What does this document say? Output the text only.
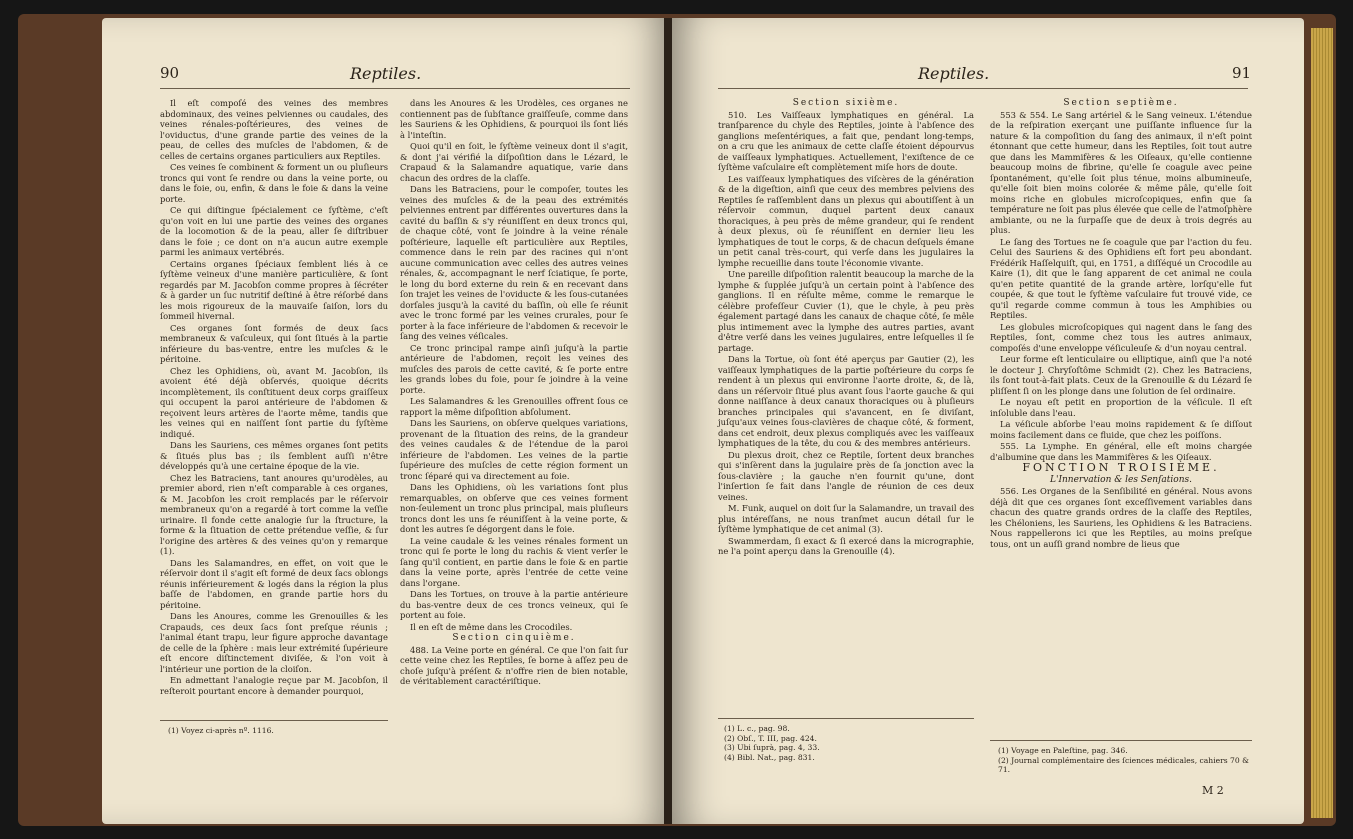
90	Reptiles.

Il eſt compoſé des veines des membres abdominaux, des veines pelviennes ou caudales, des veines rénales-poſtérieures, des veines de l'oviductus, d'une grande partie des veines de la peau, de celles des muſcles de l'abdomen, & de celles de certains organes particuliers aux Reptiles.

Ces veines ſe combinent & forment un ou pluſieurs troncs qui vont ſe rendre ou dans la veine porte, ou dans le foie, ou, enfin, & dans le foie & dans la veine porte.

Ce qui diſtingue ſpécialement ce ſyſtème, c'eſt qu'on voit en lui une partie des veines des organes de la locomotion & de la peau, aller ſe diſtribuer dans le foie ; ce dont on n'a aucun autre exemple parmi les animaux vertébrés.

Certains organes ſpéciaux ſemblent liés à ce ſyſtème veineux d'une manière particulière, & ſont regardés par M. Jacobſon comme propres à ſécréter & à garder un ſuc nutritif deſtiné à être réſorbé dans les mois rigoureux de la mauvaiſe ſaiſon, lors du ſommeil hivernal.

Ces organes ſont formés de deux ſacs membraneux & vaſculeux, qui ſont ſitués à la partie inférieure du bas-ventre, entre les muſcles & le péritoine.

Chez les Ophidiens, où, avant M. Jacobſon, ils avoient été déjà obſervés, quoique décrits incomplètement, ils conſtituent deux corps graiſſeux qui occupent la paroi antérieure de l'abdomen & reçoivent leurs artères de l'aorte même, tandis que les veines qui en naiſſent ſont partie du ſyſtème indiqué.

Dans les Sauriens, ces mêmes organes ſont petits & ſitués plus bas ; ils ſemblent auſſi n'être développés qu'à une certaine époque de la vie.

Chez les Batraciens, tant anoures qu'urodèles, au premier abord, rien n'eſt comparable à ces organes, & M. Jacobſon les croit remplacés par le réſervoir membraneux qu'on a regardé à tort comme la veſſie urinaire. Il fonde cette analogie ſur la ſtructure, la forme & la ſituation de cette prétendue veſſie, & ſur l'origine des artères & des veines qu'on y remarque (1).

Dans les Salamandres, en effet, on voit que le réſervoir dont il s'agit eſt formé de deux ſacs oblongs réunis inférieurement & logés dans la région la plus baſſe de l'abdomen, en grande partie hors du péritoine.

Dans les Anoures, comme les Grenouilles & les Crapauds, ces deux ſacs ſont preſque réunis ; l'animal étant trapu, leur figure approche davantage de celle de la ſphère : mais leur extrémité ſupérieure eſt encore diſtinctement diviſée, & l'on voit à l'intérieur une portion de la cloiſon.

En admettant l'analogie reçue par M. Jacobſon, il reſteroit pourtant encore à demander pourquoi,

(1) Voyez ci-après nº. 1116.

dans les Anoures & les Urodèles, ces organes ne contiennent pas de ſubſtance graiſſeuſe, comme dans les Sauriens & les Ophidiens, & pourquoi ils ſont liés à l'inteſtin.

Quoi qu'il en ſoit, le ſyſtème veineux dont il s'agit, & dont j'ai vérifié la diſpoſition dans le Lézard, le Crapaud & la Salamandre aquatique, varie dans chacun des ordres de la claſſe.

Dans les Batraciens, pour le compoſer, toutes les veines des muſcles & de la peau des extrémités pelviennes entrent par différentes ouvertures dans la cavité du baſſin & s'y réuniſſent en deux troncs qui, de chaque côté, vont ſe joindre à la veine rénale poſtérieure, laquelle eſt particulière aux Reptiles, commence dans le rein par des racines qui n'ont aucune communication avec celles des autres veines rénales, &, accompagnant le nerf ſciatique, ſe porte, le long du bord externe du rein & en recevant dans ſon trajet les veines de l'oviducte & les ſous-cutanées dorſales jusqu'à la cavité du baſſin, où elle ſe réunit avec le tronc formé par les veines crurales, pour ſe porter à la face inférieure de l'abdomen & recevoir le ſang des veines véſicales.

Ce tronc principal rampe ainſi juſqu'à la partie antérieure de l'abdomen, reçoit les veines des muſcles des parois de cette cavité, & ſe porte entre les grands lobes du foie, pour ſe joindre à la veine porte.

Les Salamandres & les Grenouilles offrent ſous ce rapport la même diſpoſition abſolument.

Dans les Sauriens, on obſerve quelques variations, provenant de la ſituation des reins, de la grandeur des veines caudales & de l'étendue de la paroi inférieure de l'abdomen. Les veines de la partie ſupérieure des muſcles de cette région forment un tronc ſéparé qui va directement au foie.

Dans les Ophidiens, où les variations ſont plus remarquables, on obſerve que ces veines forment non-ſeulement un tronc plus principal, mais pluſieurs troncs dont les uns ſe réuniſſent à la veine porte, & dont les autres ſe dégorgent dans le foie.

La veine caudale & les veines rénales forment un tronc qui ſe porte le long du rachis & vient verſer le ſang qu'il contient, en partie dans le foie & en partie dans la veine porte, après l'entrée de cette veine dans l'organe.

Dans les Tortues, on trouve à la partie antérieure du bas-ventre deux de ces troncs veineux, qui ſe portent au foie.

Il en eſt de même dans les Crocodiles.

Section cinquième.

488. La Veine porte en général. Ce que l'on ſait ſur cette veine chez les Reptiles, ſe borne à aſſez peu de choſe juſqu'à préſent & n'offre rien de bien notable, de véritablement caractériſtique.

Reptiles.	91

Section sixième.

510. Les Vaiſſeaux lymphatiques en général. La tranſparence du chyle des Reptiles, jointe à l'abſence des ganglions meſentériques, a fait que, pendant long-temps, on a cru que les animaux de cette claſſe étoient dépourvus de vaiſſeaux lymphatiques. Actuellement, l'exiſtence de ce ſyſtème vaſculaire eſt complètement miſe hors de doute.

Les vaiſſeaux lymphatiques des viſcères de la génération & de la digeſtion, ainſi que ceux des membres pelviens des Reptiles ſe raſſemblent dans un plexus qui aboutiſſent à un réſervoir commun, duquel partent deux canaux thoraciques, à peu près de même grandeur, qui ſe rendent à deux plexus, où ſe réuniſſent en dernier lieu les lymphatiques de tout le corps, & de chacun deſquels émane un petit canal très-court, qui verſe dans les jugulaires la lymphe recueillie dans toute l'économie vivante.

Une pareille diſpoſition ralentit beaucoup la marche de la lymphe & ſupplée juſqu'à un certain point à l'abſence des ganglions. Il en réſulte même, comme le remarque le célèbre profeſſeur Cuvier (1), que le chyle, à peu près également partagé dans les canaux de chaque côté, ſe mêle plus intimement avec la lymphe des autres parties, avant d'être verſé dans les veines jugulaires, entre leſquelles il ſe partage.

Dans la Tortue, où ſont été aperçus par Gautier (2), les vaiſſeaux lymphatiques de la partie poſtérieure du corps ſe rendent à un plexus qui environne l'aorte droite, &, de là, dans un réſervoir ſitué plus avant ſous l'aorte gauche & qui donne naiſſance à deux canaux thoraciques ou à pluſieurs branches principales qui s'avancent, en ſe diviſant, juſqu'aux veines ſous-clavières de chaque côté, & forment, dans cet endroit, deux plexus compliqués avec les vaiſſeaux lymphatiques de la tête, du cou & des membres antérieurs.

Du plexus droit, chez ce Reptile, ſortent deux branches qui s'inſèrent dans la jugulaire près de ſa jonction avec la ſous-clavière ; la gauche n'en fournit qu'une, dont l'inſertion ſe fait dans l'angle de réunion de ces deux veines.

M. Funk, auquel on doit ſur la Salamandre, un travail des plus intéreſſans, ne nous tranſmet aucun détail ſur le ſyſtème lymphatique de cet animal (3).

Swammerdam, ſi exact & ſi exercé dans la micrographie, ne l'a point aperçu dans la Grenouille (4).

(1) L. c., pag. 98.
(2) Obſ., T. III, pag. 424.
(3) Ubi ſuprà, pag. 4, 33.
(4) Bibl. Nat., pag. 831.

Section septième.

553 & 554. Le Sang artériel & le Sang veineux. L'étendue de la reſpiration exerçant une puiſſante influence ſur la nature & la compoſition du ſang des animaux, il n'eſt point étonnant que cette humeur, dans les Reptiles, ſoit tout autre que dans les Mammifères & les Oiſeaux, qu'elle contienne beaucoup moins de fibrine, qu'elle ſe coagule avec peine ſpontanément, qu'elle ſoit plus ténue, moins albumineuſe, qu'elle ſoit bien moins colorée & même pâle, qu'elle ſoit moins riche en globules microſcopiques, enfin que ſa température ne ſoit pas plus élevée que celle de l'atmoſphère ambiante, ou ne la ſurpaſſe que de deux à trois degrés au plus.

Le ſang des Tortues ne ſe coagule que par l'action du feu. Celui des Sauriens & des Ophidiens eſt fort peu abondant. Frédérik Haſſelquiſt, qui, en 1751, a diſſéqué un Crocodile au Kaire (1), dit que le ſang apparent de cet animal ne coula qu'en petite quantité de la grande artère, lorſqu'elle fut coupée, & que tout le ſyſtème vaſculaire fut trouvé vide, ce qu'il regarde comme commun à tous les Amphibies ou Reptiles.

Les globules microſcopiques qui nagent dans le ſang des Reptiles, ſont, comme chez tous les autres animaux, compoſés d'une enveloppe véſiculeuſe & d'un noyau central.

Leur forme eſt lenticulaire ou elliptique, ainſi que l'a noté le docteur J. Chryſoſtôme Schmidt (2). Chez les Batraciens, ils ſont tout-à-fait plats. Ceux de la Grenouille & du Lézard ſe pliſſent ſi on les plonge dans une ſolution de ſel ordinaire.

Le noyau eſt petit en proportion de la véſicule. Il eſt inſoluble dans l'eau.

La véſicule abſorbe l'eau moins rapidement & ſe diſſout moins facilement dans ce fluide, que chez les poiſſons.

555. La Lymphe. En général, elle eſt moins chargée d'albumine que dans les Mammifères & les Oiſeaux.

FONCTION TROISIÈME.

L'Innervation & les Senſations.

556. Les Organes de la Senſibilité en général. Nous avons déjà dit que ces organes ſont exceſſivement variables dans chacun des quatre grands ordres de la claſſe des Reptiles, les Chéloniens, les Sauriens, les Ophidiens & les Batraciens. Nous rappellerons ici que les Reptiles, au moins preſque tous, ont un auſſi grand nombre de lieus que

(1) Voyage en Paleſtine, pag. 346.
(2) Journal complémentaire des ſciences médicales, cahiers 70 & 71.
M 2
